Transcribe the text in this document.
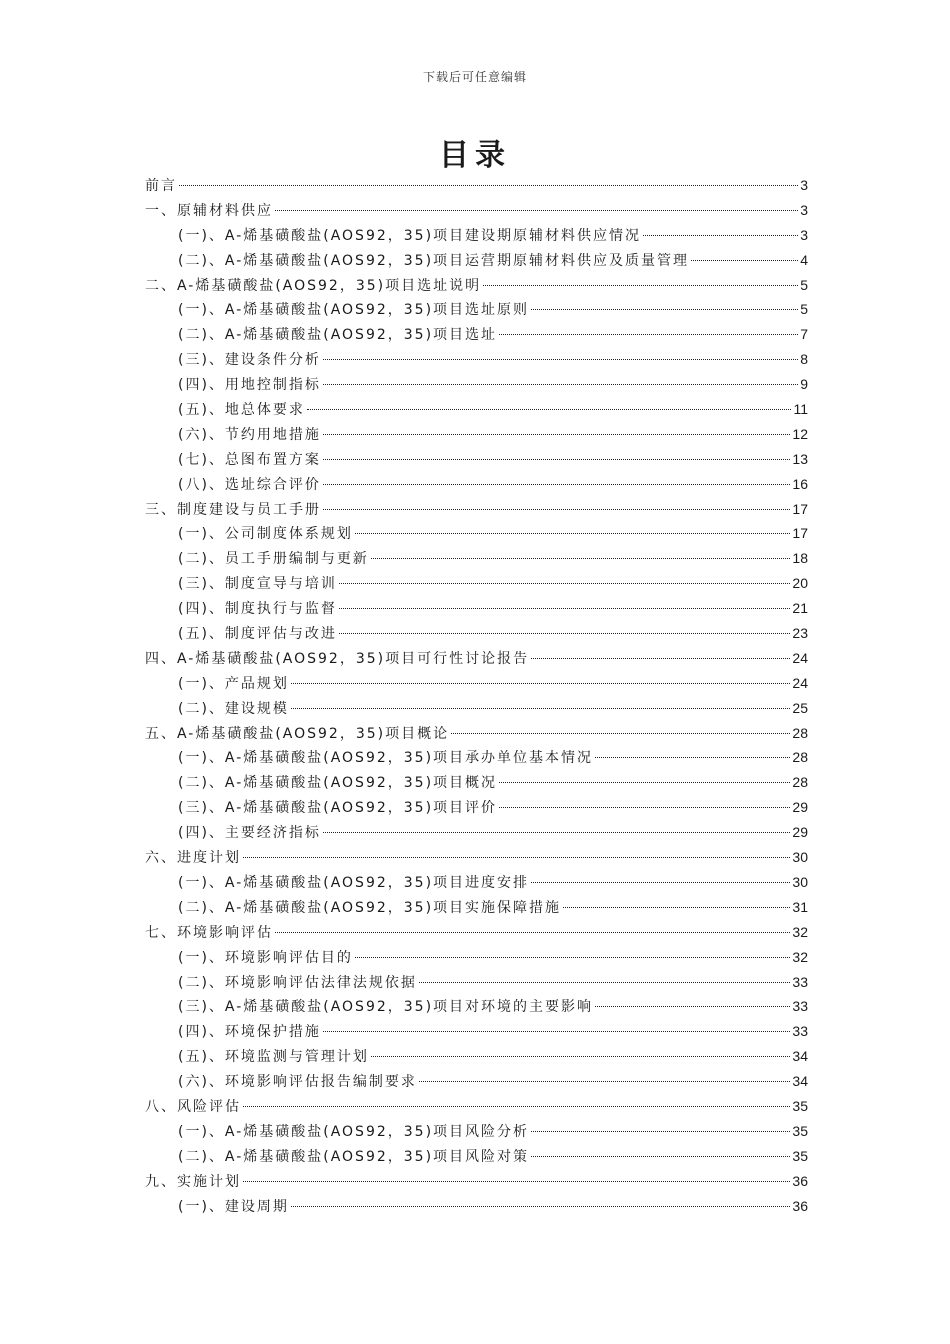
下载后可任意编辑
目录
前言	3
一、原辅材料供应	3
(一)、A-烯基磺酸盐(AOS92，35)项目建设期原辅材料供应情况	3
(二)、A-烯基磺酸盐(AOS92，35)项目运营期原辅材料供应及质量管理	4
二、A-烯基磺酸盐(AOS92，35)项目选址说明	5
(一)、A-烯基磺酸盐(AOS92，35)项目选址原则	5
(二)、A-烯基磺酸盐(AOS92，35)项目选址	7
(三)、建设条件分析	8
(四)、用地控制指标	9
(五)、地总体要求	11
(六)、节约用地措施	12
(七)、总图布置方案	13
(八)、选址综合评价	16
三、制度建设与员工手册	17
(一)、公司制度体系规划	17
(二)、员工手册编制与更新	18
(三)、制度宣导与培训	20
(四)、制度执行与监督	21
(五)、制度评估与改进	23
四、A-烯基磺酸盐(AOS92，35)项目可行性讨论报告	24
(一)、产品规划	24
(二)、建设规模	25
五、A-烯基磺酸盐(AOS92，35)项目概论	28
(一)、A-烯基磺酸盐(AOS92，35)项目承办单位基本情况	28
(二)、A-烯基磺酸盐(AOS92，35)项目概况	28
(三)、A-烯基磺酸盐(AOS92，35)项目评价	29
(四)、主要经济指标	29
六、进度计划	30
(一)、A-烯基磺酸盐(AOS92，35)项目进度安排	30
(二)、A-烯基磺酸盐(AOS92，35)项目实施保障措施	31
七、环境影响评估	32
(一)、环境影响评估目的	32
(二)、环境影响评估法律法规依据	33
(三)、A-烯基磺酸盐(AOS92，35)项目对环境的主要影响	33
(四)、环境保护措施	33
(五)、环境监测与管理计划	34
(六)、环境影响评估报告编制要求	34
八、风险评估	35
(一)、A-烯基磺酸盐(AOS92，35)项目风险分析	35
(二)、A-烯基磺酸盐(AOS92，35)项目风险对策	35
九、实施计划	36
(一)、建设周期	36
